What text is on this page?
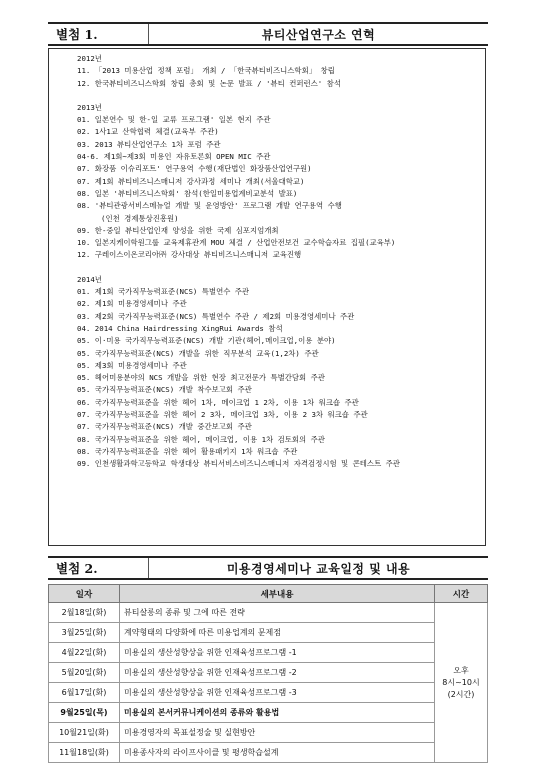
별첨 1.	뷰티산업연구소 연혁
2012년
11. 「2013 미용산업 정책 포럼」 개최 / 「한국뷰티비즈니스학회」 창립
12. 한국뷰티비즈니스학회 창립 총회 및 논문 발표 / '뷰티 컨퍼런스' 참석
2013년
01. 일본연수 및 한-일 교류 프로그램' 일본 현지 주관
02. 1사1교 산학협력 체결(교육부 주관)
03. 2013 뷰티산업연구소 1차 포럼 주관
04-6. 제1회~제3회 미용인 자유토론회 OPEN MIC 주관
07. 화장품 이슈리포트' 연구용역 수행(재단법인 화장품산업연구원)
07. 제1회 뷰티비즈니스매니저 강사과정 세미나 개최(서울대학교)
08. 일본 '뷰티비즈니스학회' 참석(한일미용업계비교분석 발표)
08. '뷰티관광서비스메뉴얼 개발 및 운영방안' 프로그램 개발 연구용역 수행
(인천 경제통상진흥원)
09. 한-중일 뷰티산업인재 양성을 위한 국제 심포지엄개최
10. 일본지케이학원그룹 교육제휴관계 MOU 체결 / 산업안전보건 교수학습자료 집필(교육부)
12. 구레이스이온코리아㈜ 강사대상 뷰티비즈니스매니저 교육진행
2014년
01. 제1회 국가직무능력표준(NCS) 특별연수 주관
02. 제1회 미용경영세미나 주관
03. 제2회 국가직무능력표준(NCS) 특별연수 주관 / 제2회 미용경영세미나 주관
04. 2014 China Hairdressing XingRui Awards 참석
05. 이·미용 국가직무능력표준(NCS) 개발 기관(헤어,메이크업,이용 분야)
05. 국가직무능력표준(NCS) 개발을 위한 직무분석 교육(1,2차) 주관
05. 제3회 미용경영세미나 주관
05. 헤어미용분야의 NCS 개발을 위한 현장 최고전문가 특별간담회 주관
05. 국가직무능력표준(NCS) 개발 착수보고회 주관
06. 국가직무능력표준을 위한 헤어 1차, 메이크업 1 2차, 이용 1차 워크숍 주관
07. 국가직무능력표준을 위한 헤어 2 3차, 메이크업 3차, 이용 2 3차 워크숍 주관
07. 국가직무능력표준(NCS) 개발 중간보고회 주관
08. 국가직무능력표준을 위한 헤어, 메이크업, 이용 1차 검토회의 주관
08. 국가직무능력표준을 위한 헤어 활용패키지 1차 워크숍 주관
09. 인천생활과학고등학교 학생대상 뷰티서비스비즈니스매니저 자격검정시험 및 콘테스트 주관
별첨 2.	미용경영세미나 교육일정 및 내용
일자	세부내용	시간
2월18일(화)	뷰티살롱의 종류 및 그에 따른 전략	오후
8시~10시
(2시간)

3월25일(화)	계약형태의 다양화에 따른 미용업계의 문제점	
4월22일(화)	미용실의 생산성향상을 위한 인재육성프로그램 -1	
5월20일(화)	미용실의 생산성향상을 위한 인재육성프로그램 -2	
6월17일(화)	미용실의 생산성향상을 위한 인재육성프로그램 -3	
9월25일(목)	미용실의 본서커뮤니케이션의 종류와 활용법	
10월21일(화)	미용경영자의 목표설정술 및 실현방안	
11월18일(화)	미용종사자의 라이프사이클 및 평생학습설계	
